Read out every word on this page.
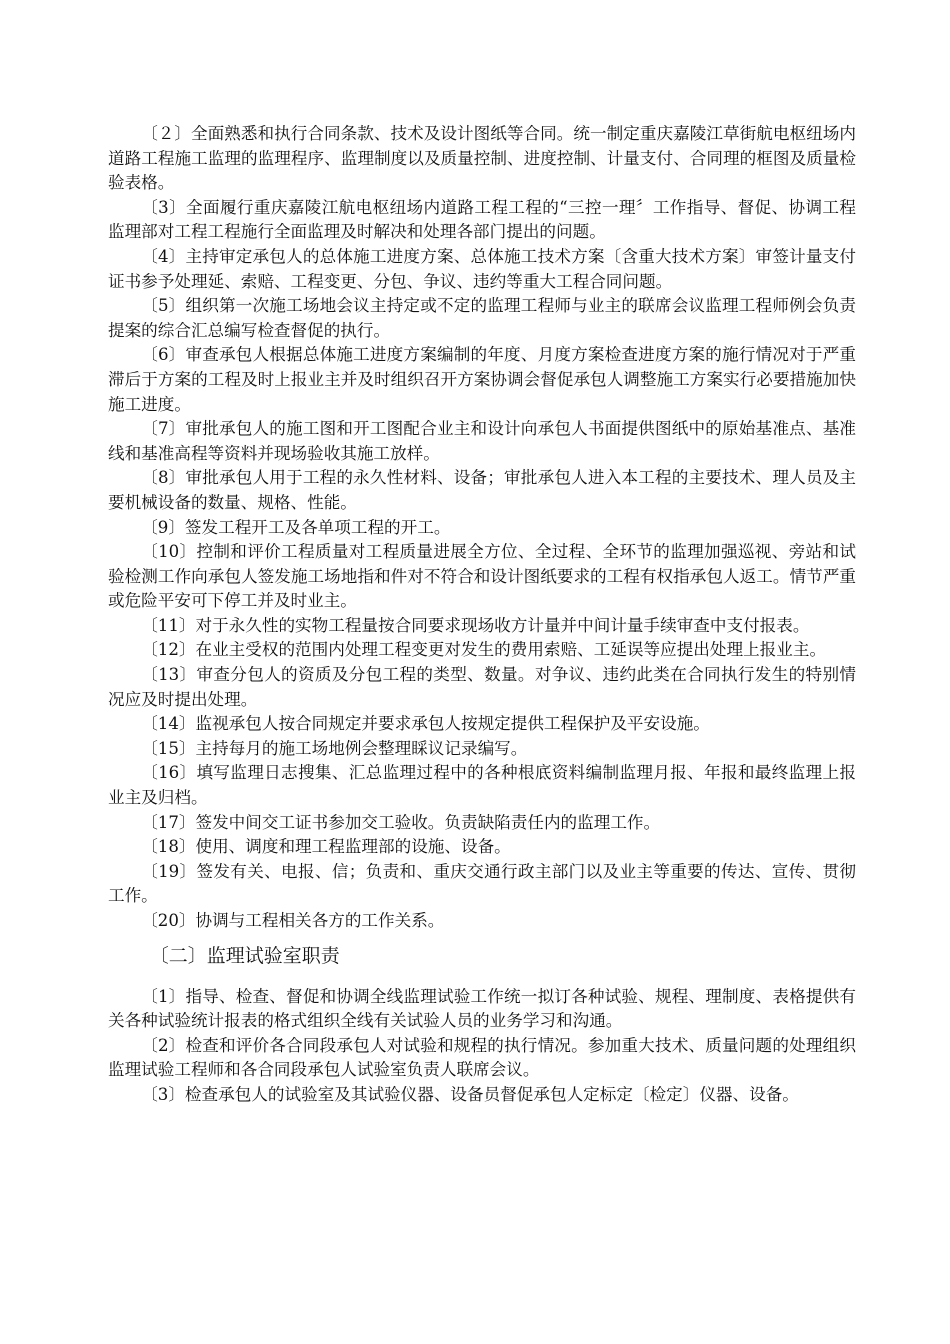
〔２〕全面熟悉和执行合同条款、技术及设计图纸等合同。统一制定重庆嘉陵江草街航电枢纽场内道路工程施工监理的监理程序、监理制度以及质量控制、进度控制、计量支付、合同理的框图及质量检验表格。

〔3〕全面履行重庆嘉陵江航电枢纽场内道路工程工程的“三控一理〞工作指导、督促、协调工程监理部对工程工程施行全面监理及时解决和处理各部门提出的问题。

〔4〕主持审定承包人的总体施工进度方案、总体施工技术方案〔含重大技术方案〕审签计量支付证书参予处理延、索赔、工程变更、分包、争议、违约等重大工程合同问题。

〔5〕组织第一次施工场地会议主持定或不定的监理工程师与业主的联席会议监理工程师例会负责提案的综合汇总编写检查督促的执行。

〔6〕审查承包人根据总体施工进度方案编制的年度、月度方案检查进度方案的施行情况对于严重滞后于方案的工程及时上报业主并及时组织召开方案协调会督促承包人调整施工方案实行必要措施加快施工进度。

〔7〕审批承包人的施工图和开工图配合业主和设计向承包人书面提供图纸中的原始基准点、基准线和基准高程等资料并现场验收其施工放样。

〔8〕审批承包人用于工程的永久性材料、设备；审批承包人进入本工程的主要技术、理人员及主要机械设备的数量、规格、性能。

〔9〕签发工程开工及各单项工程的开工。

〔10〕控制和评价工程质量对工程质量进展全方位、全过程、全环节的监理加强巡视、旁站和试验检测工作向承包人签发施工场地指和件对不符合和设计图纸要求的工程有权指承包人返工。情节严重或危险平安可下停工并及时业主。

〔11〕对于永久性的实物工程量按合同要求现场收方计量并中间计量手续审查中支付报表。

〔12〕在业主受权的范围内处理工程变更对发生的费用索赔、工延误等应提出处理上报业主。

〔13〕审查分包人的资质及分包工程的类型、数量。对争议、违约此类在合同执行发生的特别情况应及时提出处理。

〔14〕监视承包人按合同规定并要求承包人按规定提供工程保护及平安设施。

〔15〕主持每月的施工场地例会整理睬议记录编写。

〔16〕填写监理日志搜集、汇总监理过程中的各种根底资料编制监理月报、年报和最终监理上报业主及归档。

〔17〕签发中间交工证书参加交工验收。负责缺陷责任内的监理工作。

〔18〕使用、调度和理工程监理部的设施、设备。

〔19〕签发有关、电报、信；负责和、重庆交通行政主部门以及业主等重要的传达、宣传、贯彻工作。

〔20〕协调与工程相关各方的工作关系。

〔二〕监理试验室职责

〔1〕指导、检查、督促和协调全线监理试验工作统一拟订各种试验、规程、理制度、表格提供有关各种试验统计报表的格式组织全线有关试验人员的业务学习和沟通。

〔2〕检查和评价各合同段承包人对试验和规程的执行情况。参加重大技术、质量问题的处理组织监理试验工程师和各合同段承包人试验室负责人联席会议。

〔3〕检查承包人的试验室及其试验仪器、设备员督促承包人定标定〔检定〕仪器、设备。
